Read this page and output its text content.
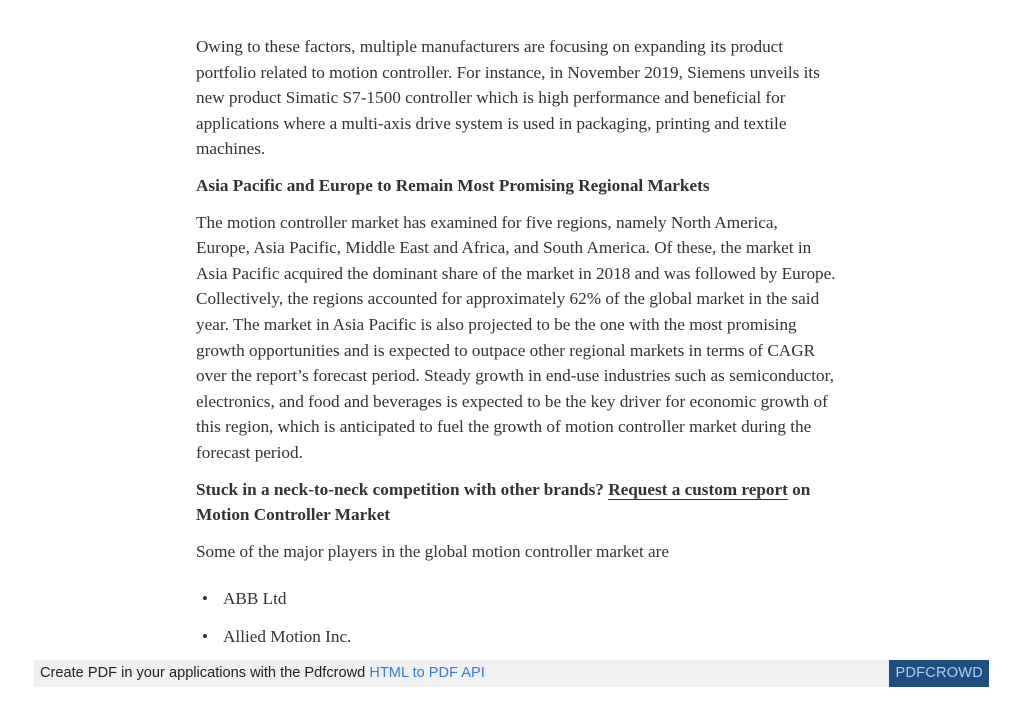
Owing to these factors, multiple manufacturers are focusing on expanding its product portfolio related to motion controller. For instance, in November 2019, Siemens unveils its new product Simatic S7-1500 controller which is high performance and beneficial for applications where a multi-axis drive system is used in packaging, printing and textile machines.

Asia Pacific and Europe to Remain Most Promising Regional Markets

The motion controller market has examined for five regions, namely North America, Europe, Asia Pacific, Middle East and Africa, and South America. Of these, the market in Asia Pacific acquired the dominant share of the market in 2018 and was followed by Europe. Collectively, the regions accounted for approximately 62% of the global market in the said year. The market in Asia Pacific is also projected to be the one with the most promising growth opportunities and is expected to outpace other regional markets in terms of CAGR over the report’s forecast period. Steady growth in end-use industries such as semiconductor, electronics, and food and beverages is expected to be the key driver for economic growth of this region, which is anticipated to fuel the growth of motion controller market during the forecast period.

Stuck in a neck-to-neck competition with other brands? Request a custom report on Motion Controller Market

Some of the major players in the global motion controller market are

• ABB Ltd
• Allied Motion Inc.
Create PDF in your applications with the Pdfcrowd HTML to PDF API	PDFCROWD
